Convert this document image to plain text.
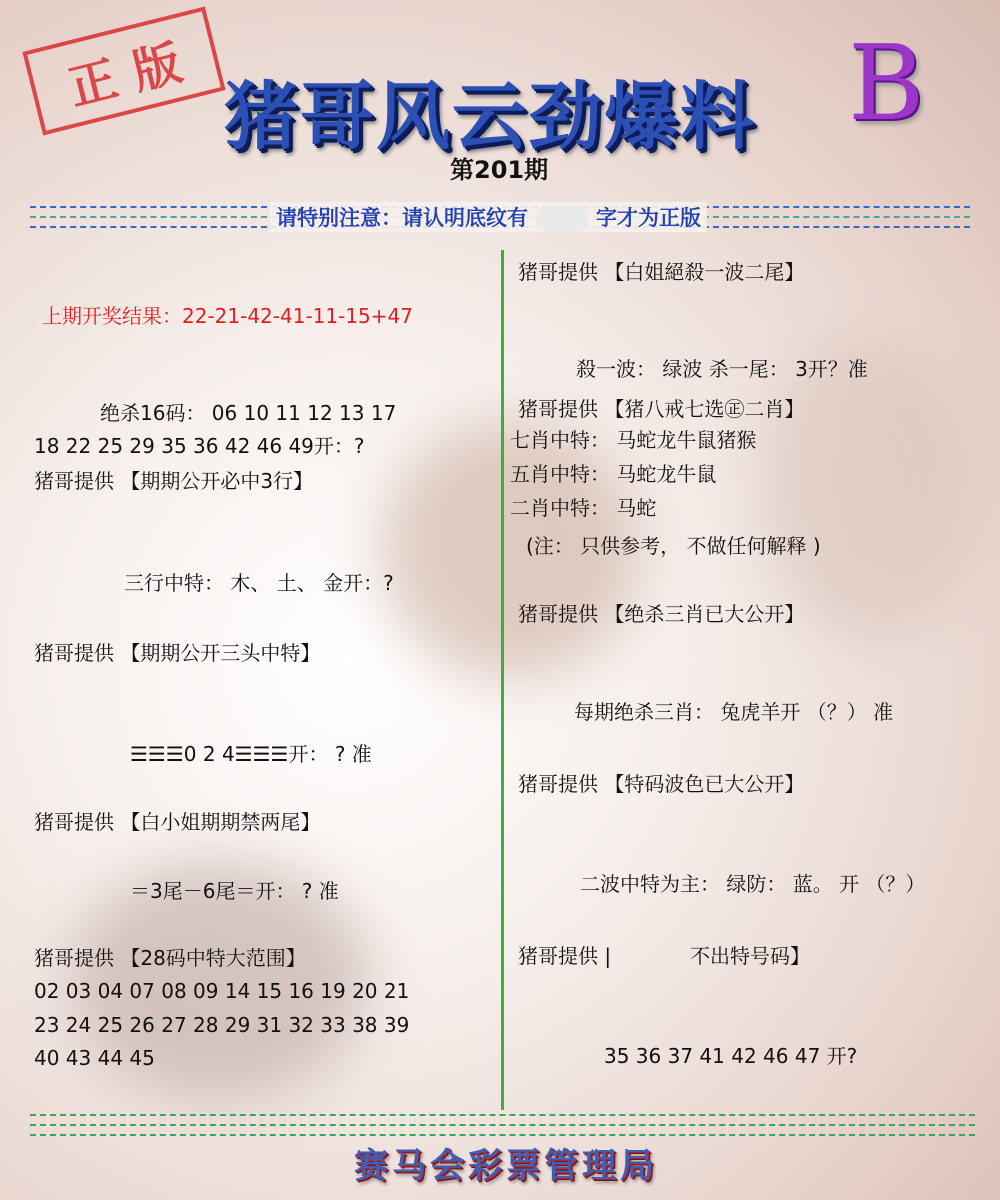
正版
猪哥风云劲爆料 B
第201期
请特别注意：请认明底纹有	字才为正版
上期开奖结果：22-21-42-41-11-15+47
绝杀16码： 06 10 11 12 13 17
18 22 25 29 35 36 42 46 49开：?
猪哥提供 【期期公开必中3行】
三行中特： 木、 土、 金开：?
猪哥提供 【期期公开三头中特】
☰☰☰0 2 4☰☰☰开： ? 准
猪哥提供 【白小姐期期禁两尾】
＝3尾－6尾＝开： ? 准
猪哥提供 【28码中特大范围】
02 03 04 07 08 09 14 15 16 19 20 21
23 24 25 26 27 28 29 31 32 33 38 39
40 43 44 45
猪哥提供 【白姐絕殺一波二尾】
殺一波： 绿波 杀一尾： 3开？准
猪哥提供 【猪八戒七选㊣二肖】
七肖中特： 马蛇龙牛鼠猪猴
五肖中特： 马蛇龙牛鼠
二肖中特： 马蛇
(注： 只供参考， 不做任何解释 )
猪哥提供 【绝杀三肖已大公开】
每期绝杀三肖： 兔虎羊开 （？） 准
猪哥提供 【特码波色已大公开】
二波中特为主： 绿防： 蓝。 开 （？）
猪哥提供 |	不出特号码】
35 36 37 41 42 46 47 开?
赛马会彩票管理局
